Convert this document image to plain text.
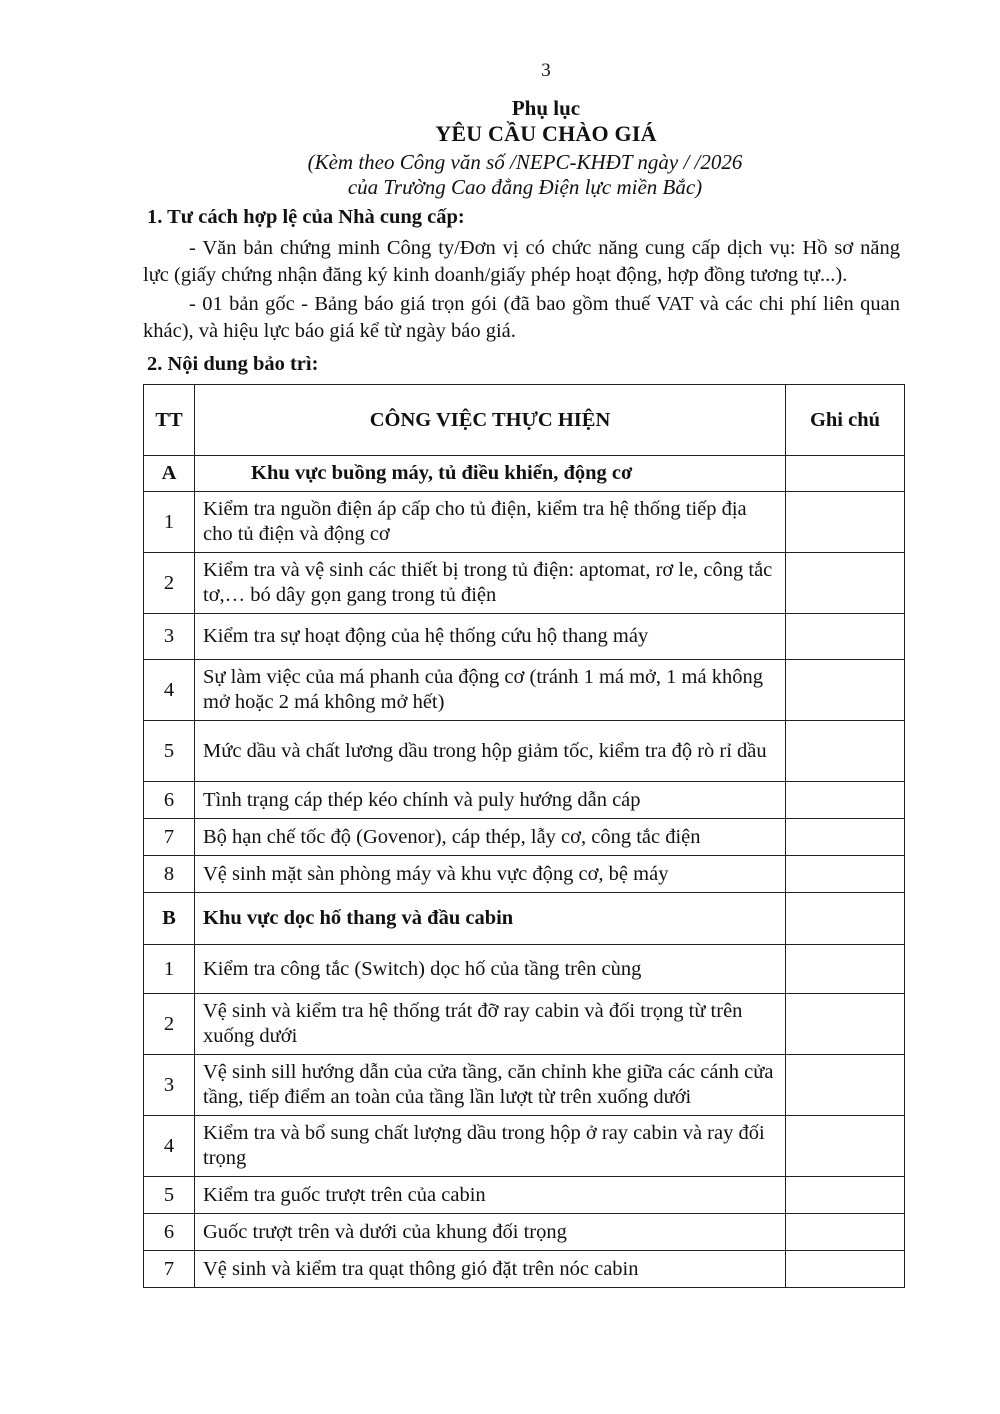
3
Phụ lục
YÊU CẦU CHÀO GIÁ
(Kèm theo Công văn số /NEPC-KHĐT ngày / /2026
của Trường Cao đẳng Điện lực miền Bắc)
1. Tư cách hợp lệ của Nhà cung cấp:
- Văn bản chứng minh Công ty/Đơn vị có chức năng cung cấp dịch vụ: Hồ sơ năng lực (giấy chứng nhận đăng ký kinh doanh/giấy phép hoạt động, hợp đồng tương tự...).
- 01 bản gốc - Bảng báo giá trọn gói (đã bao gồm thuế VAT và các chi phí liên quan khác), và hiệu lực báo giá kể từ ngày báo giá.
2. Nội dung bảo trì:
TT	CÔNG VIỆC THỰC HIỆN	Ghi chú
A	Khu vực buồng máy, tủ điều khiển, động cơ	
1	Kiểm tra nguồn điện áp cấp cho tủ điện, kiểm tra hệ thống tiếp địa cho tủ điện và động cơ	
2	Kiểm tra và vệ sinh các thiết bị trong tủ điện: aptomat, rơ le, công tắc tơ,… bó dây gọn gang trong tủ điện	
3	Kiểm tra sự hoạt động của hệ thống cứu hộ thang máy	
4	Sự làm việc của má phanh của động cơ (tránh 1 má mở, 1 má không mở hoặc 2 má không mở hết)	
5	Mức dầu và chất lương dầu trong hộp giảm tốc, kiểm tra độ rò rỉ dầu	
6	Tình trạng cáp thép kéo chính và puly hướng dẫn cáp	
7	Bộ hạn chế tốc độ (Govenor), cáp thép, lẫy cơ, công tắc điện	
8	Vệ sinh mặt sàn phòng máy và khu vực động cơ, bệ máy	
B	Khu vực dọc hố thang và đầu cabin	
1	Kiểm tra công tắc (Switch) dọc hố của tầng trên cùng	
2	Vệ sinh và kiểm tra hệ thống trát đỡ ray cabin và đối trọng từ trên xuống dưới	
3	Vệ sinh sill hướng dẫn của cửa tầng, căn chỉnh khe giữa các cánh cửa tầng, tiếp điểm an toàn của tầng lần lượt từ trên xuống dưới	
4	Kiểm tra và bổ sung chất lượng dầu trong hộp ở ray cabin và ray đối trọng	
5	Kiểm tra guốc trượt trên của cabin	
6	Guốc trượt trên và dưới của khung đối trọng	
7	Vệ sinh và kiểm tra quạt thông gió đặt trên nóc cabin	
